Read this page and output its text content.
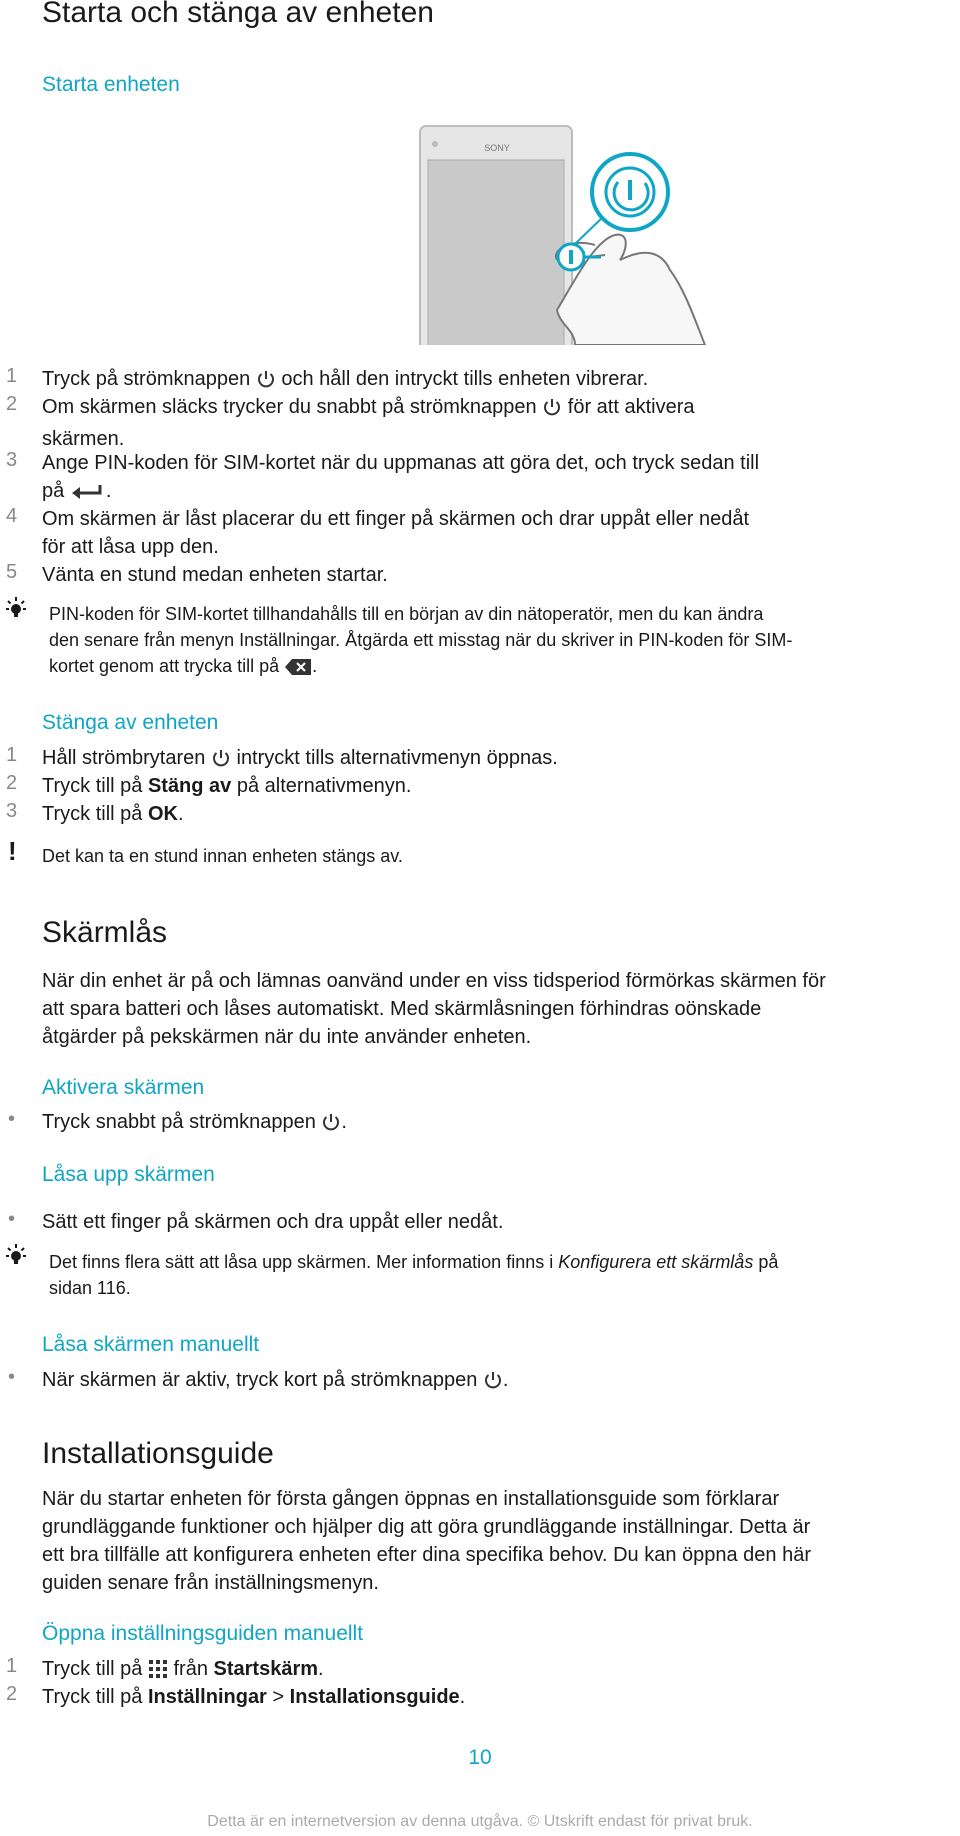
Starta och stänga av enheten
Starta enheten
SONY
1 Tryck på strömknappen  och håll den intryckt tills enheten vibrerar.
2 Om skärmen släcks trycker du snabbt på strömknappen  för att aktivera
skärmen.
3 Ange PIN-koden för SIM-kortet när du uppmanas att göra det, och tryck sedan till
på .
4 Om skärmen är låst placerar du ett finger på skärmen och drar uppåt eller nedåt
för att låsa upp den.
5 Vänta en stund medan enheten startar.
PIN-koden för SIM-kortet tillhandahålls till en början av din nätoperatör, men du kan ändra
den senare från menyn Inställningar. Åtgärda ett misstag när du skriver in PIN-koden för SIM-
kortet genom att trycka till på .
Stänga av enheten
1 Håll strömbrytaren  intryckt tills alternativmenyn öppnas.
2 Tryck till på Stäng av på alternativmenyn.
3 Tryck till på OK.
! Det kan ta en stund innan enheten stängs av.
Skärmlås
När din enhet är på och lämnas oanvänd under en viss tidsperiod förmörkas skärmen för
att spara batteri och låses automatiskt. Med skärmlåsningen förhindras oönskade
åtgärder på pekskärmen när du inte använder enheten.
Aktivera skärmen
• Tryck snabbt på strömknappen .
Låsa upp skärmen
• Sätt ett finger på skärmen och dra uppåt eller nedåt.
Det finns flera sätt att låsa upp skärmen. Mer information finns i Konfigurera ett skärmlås på
sidan 116.
Låsa skärmen manuellt
• När skärmen är aktiv, tryck kort på strömknappen .
Installationsguide
När du startar enheten för första gången öppnas en installationsguide som förklarar
grundläggande funktioner och hjälper dig att göra grundläggande inställningar. Detta är
ett bra tillfälle att konfigurera enheten efter dina specifika behov. Du kan öppna den här
guiden senare från inställningsmenyn.
Öppna inställningsguiden manuellt
1 Tryck till på  från Startskärm.
2 Tryck till på Inställningar > Installationsguide.
10
Detta är en internetversion av denna utgåva. © Utskrift endast för privat bruk.
